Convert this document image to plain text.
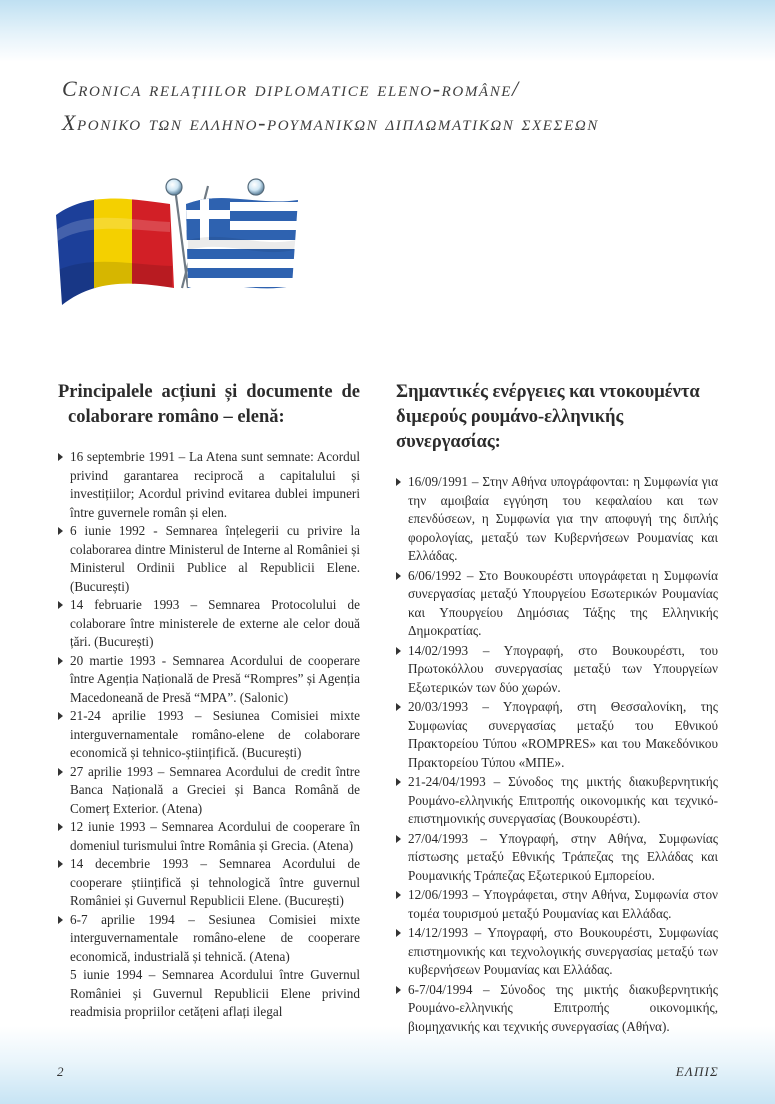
Cronica relațiilor diplomatice eleno-române/
Χρονικο των ελληνο-ρουμανικων διπλωματικων σχεσεων
Principalele acțiuni și documente de colaborare româno – elenă:
16 septembrie 1991 – La Atena sunt semnate: Acordul privind garantarea reciprocă a capitalului și investițiilor; Acordul privind evitarea dublei impuneri între guvernele român și elen.
6 iunie 1992 - Semnarea înțelegerii cu privire la colaborarea dintre Ministerul de Interne al României și Ministerul Ordinii Publice al Republicii Elene. (București)
14 februarie 1993 – Semnarea Protocolului de colaborare între ministerele de externe ale celor două țări. (București)
20 martie 1993 - Semnarea Acordului de cooperare între Agenția Națională de Presă “Rompres” și Agenția Macedoneană de Presă “MPA”. (Salonic)
21-24 aprilie 1993 – Sesiunea Comisiei mixte interguvernamentale româno-elene de colaborare economică și tehnico-științifică. (București)
27 aprilie 1993 – Semnarea Acordului de credit între Banca Națională a Greciei și Banca Română de Comerț Exterior. (Atena)
12 iunie 1993 – Semnarea Acordului de cooperare în domeniul turismului între România și Grecia. (Atena)
14 decembrie 1993 – Semnarea Acordului de cooperare științifică și tehnologică între guvernul României și Guvernul Republicii Elene. (București)
6-7 aprilie 1994 – Sesiunea Comisiei mixte interguvernamentale româno-elene de cooperare economică, industrială și tehnică. (Atena)
5 iunie 1994 – Semnarea Acordului între Guvernul României și Guvernul Republicii Elene privind readmisia propriilor cetățeni aflați ilegal
Σημαντικές ενέργειες και ντοκουμέντα διμερούς ρουμάνο-ελληνικής συνεργασίας:
16/09/1991 – Στην Αθήνα υπογράφονται: η Συμφωνία για την αμοιβαία εγγύηση του κεφαλαίου και των επενδύσεων, η Συμφωνία για την αποφυγή της διπλής φορολογίας, μεταξύ των Κυβερνήσεων Ρουμανίας και Ελλάδας.
6/06/1992 – Στο Βουκουρέστι υπογράφεται η Συμφωνία συνεργασίας μεταξύ Υπουργείου Εσωτερικών Ρουμανίας και Υπουργείου Δημόσιας Τάξης της Ελληνικής Δημοκρατίας.
14/02/1993 – Υπογραφή, στο Βουκουρέστι, του Πρωτοκόλλου συνεργασίας μεταξύ των Υπουργείων Εξωτερικών των δύο χωρών.
20/03/1993 – Υπογραφή, στη Θεσσαλονίκη, της Συμφωνίας συνεργασίας μεταξύ του Εθνικού Πρακτορείου Τύπου «ROMPRES» και του Μακεδόνικου Πρακτορείου Τύπου «ΜΠΕ».
21-24/04/1993 – Σύνοδος της μικτής διακυβερνητικής Ρουμάνο-ελληνικής Επιτροπής οικονομικής και τεχνικό-επιστημονικής συνεργασίας (Βουκουρέστι).
27/04/1993 – Υπογραφή, στην Αθήνα, Συμφωνίας πίστωσης μεταξύ Εθνικής Τράπεζας της Ελλάδας και Ρουμανικής Τράπεζας Εξωτερικού Εμπορείου.
12/06/1993 – Υπογράφεται, στην Αθήνα, Συμφωνία στον τομέα τουρισμού μεταξύ Ρουμανίας και Ελλάδας.
14/12/1993 – Υπογραφή, στο Βουκουρέστι, Συμφωνίας επιστημονικής και τεχνολογικής συνεργασίας μεταξύ των κυβερνήσεων Ρουμανίας και Ελλάδας.
6-7/04/1994 – Σύνοδος της μικτής διακυβερνητικής Ρουμάνο-ελληνικής Επιτροπής οικονομικής, βιομηχανικής και τεχνικής συνεργασίας (Αθήνα).
2	ΕΛΠΙΣ
